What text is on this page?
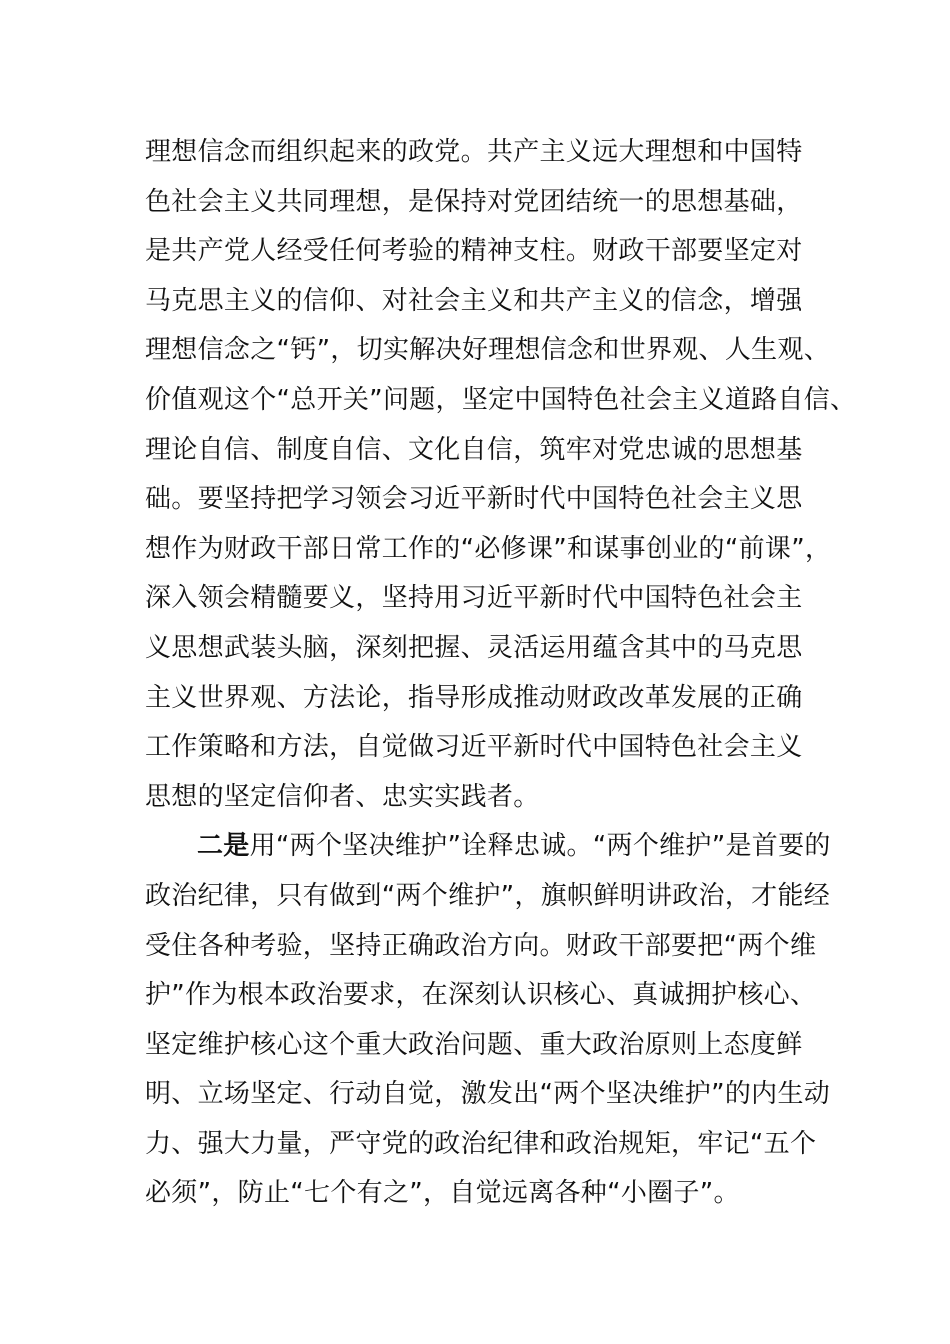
理想信念而组织起来的政党。共产主义远大理想和中国特
色社会主义共同理想，是保持对党团结统一的思想基础，
是共产党人经受任何考验的精神支柱。财政干部要坚定对
马克思主义的信仰、对社会主义和共产主义的信念，增强
理想信念之“钙”，切实解决好理想信念和世界观、人生观、
价值观这个“总开关”问题，坚定中国特色社会主义道路自信、
理论自信、制度自信、文化自信，筑牢对党忠诚的思想基
础。要坚持把学习领会习近平新时代中国特色社会主义思
想作为财政干部日常工作的“必修课”和谋事创业的“前课”，
深入领会精髓要义，坚持用习近平新时代中国特色社会主
义思想武装头脑，深刻把握、灵活运用蕴含其中的马克思
主义世界观、方法论，指导形成推动财政改革发展的正确
工作策略和方法，自觉做习近平新时代中国特色社会主义
思想的坚定信仰者、忠实实践者。
二是用“两个坚决维护”诠释忠诚。“两个维护”是首要的
政治纪律，只有做到“两个维护”，旗帜鲜明讲政治，才能经
受住各种考验，坚持正确政治方向。财政干部要把“两个维
护”作为根本政治要求，在深刻认识核心、真诚拥护核心、
坚定维护核心这个重大政治问题、重大政治原则上态度鲜
明、立场坚定、行动自觉，激发出“两个坚决维护”的内生动
力、强大力量，严守党的政治纪律和政治规矩，牢记“五个
必须”，防止“七个有之”，自觉远离各种“小圈子”。
